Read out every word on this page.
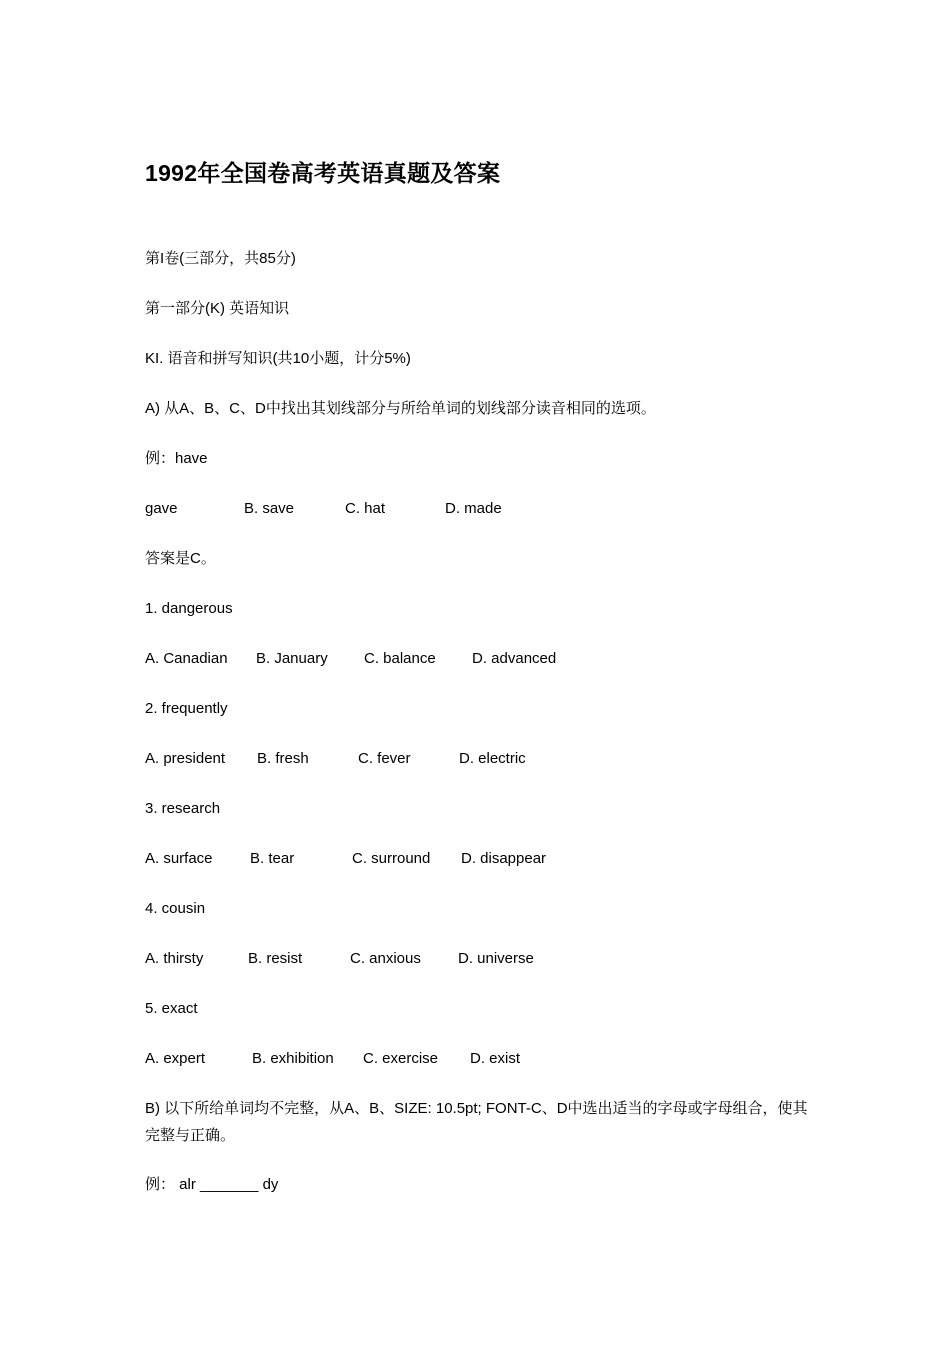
1992年全国卷高考英语真题及答案
第I卷(三部分，共85分)
第一部分(K) 英语知识
KI. 语音和拼写知识(共10小题，计分5%)
A) 从A、B、C、D中找出其划线部分与所给单词的划线部分读音相同的选项。
例：have
gave	B. save	C. hat	D. made
答案是C。
1. dangerous
A. Canadian B. January C. balance D. advanced
2. frequently
A. president B. fresh	C. fever	D. electric
3. research
A. surface B. tear	C. surround D. disappear
4. cousin
A. thirsty	B. resist	C. anxious D. universe
5. exact
A. expert	B. exhibition C. exercise D. exist
B) 以下所给单词均不完整，从A、B、SIZE: 10.5pt; FONT-C、D中选出适当的字母或字母组合，使其完整与正确。
例： alr _______ dy
